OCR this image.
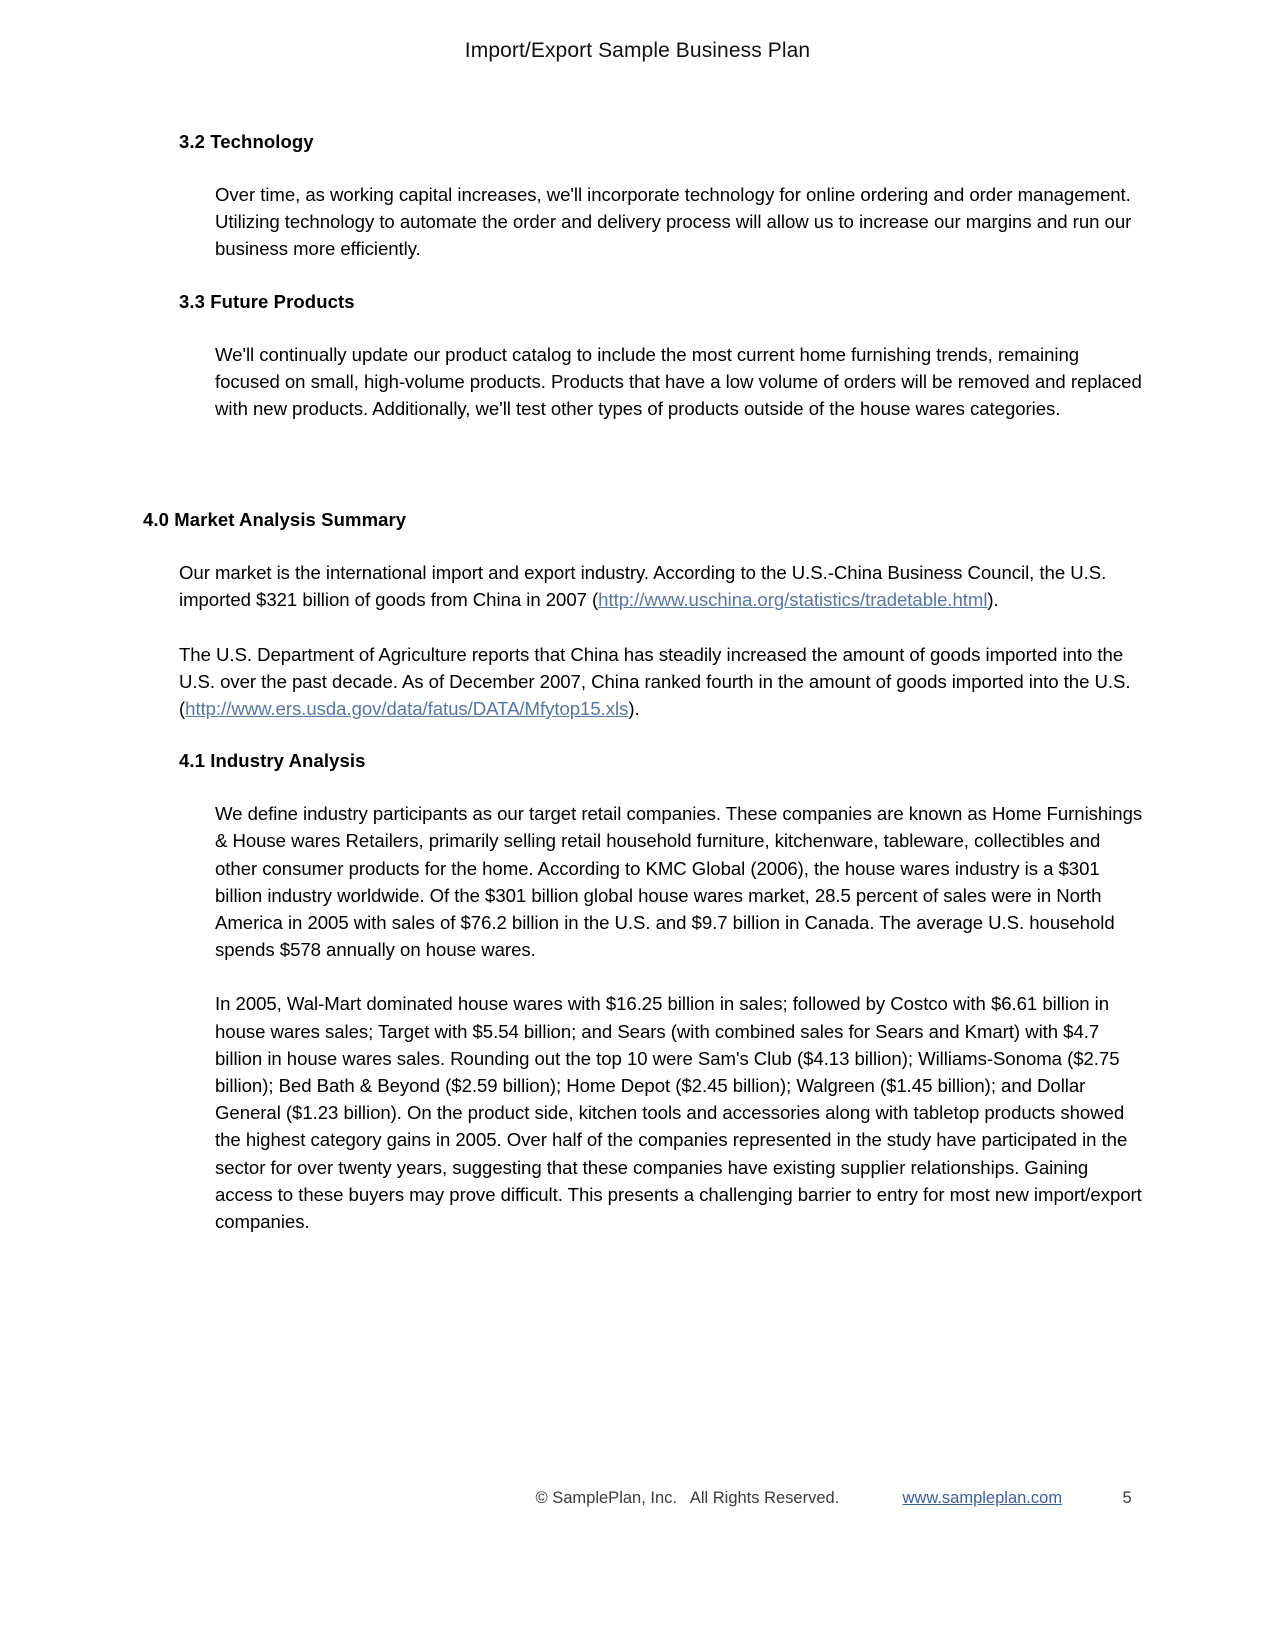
Import/Export Sample Business Plan
3.2 Technology

Over time, as working capital increases, we'll incorporate technology for online ordering and order management. Utilizing technology to automate the order and delivery process will allow us to increase our margins and run our business more efficiently.

3.3 Future Products

We'll continually update our product catalog to include the most current home furnishing trends, remaining focused on small, high-volume products. Products that have a low volume of orders will be removed and replaced with new products. Additionally, we'll test other types of products outside of the house wares categories.

4.0 Market Analysis Summary

Our market is the international import and export industry. According to the U.S.-China Business Council, the U.S. imported $321 billion of goods from China in 2007 (http://www.uschina.org/statistics/tradetable.html).

The U.S. Department of Agriculture reports that China has steadily increased the amount of goods imported into the U.S. over the past decade. As of December 2007, China ranked fourth in the amount of goods imported into the U.S. (http://www.ers.usda.gov/data/fatus/DATA/Mfytop15.xls).

4.1 Industry Analysis

We define industry participants as our target retail companies. These companies are known as Home Furnishings & House wares Retailers, primarily selling retail household furniture, kitchenware, tableware, collectibles and other consumer products for the home. According to KMC Global (2006), the house wares industry is a $301 billion industry worldwide. Of the $301 billion global house wares market, 28.5 percent of sales were in North America in 2005 with sales of $76.2 billion in the U.S. and $9.7 billion in Canada. The average U.S. household spends $578 annually on house wares.

In 2005, Wal-Mart dominated house wares with $16.25 billion in sales; followed by Costco with $6.61 billion in house wares sales; Target with $5.54 billion; and Sears (with combined sales for Sears and Kmart) with $4.7 billion in house wares sales. Rounding out the top 10 were Sam's Club ($4.13 billion); Williams-Sonoma ($2.75 billion); Bed Bath & Beyond ($2.59 billion); Home Depot ($2.45 billion); Walgreen ($1.45 billion); and Dollar General ($1.23 billion). On the product side, kitchen tools and accessories along with tabletop products showed the highest category gains in 2005. Over half of the companies represented in the study have participated in the sector for over twenty years, suggesting that these companies have existing supplier relationships. Gaining access to these buyers may prove difficult. This presents a challenging barrier to entry for most new import/export companies.

© SamplePlan, Inc.   All Rights Reserved.	www.sampleplan.com	5
